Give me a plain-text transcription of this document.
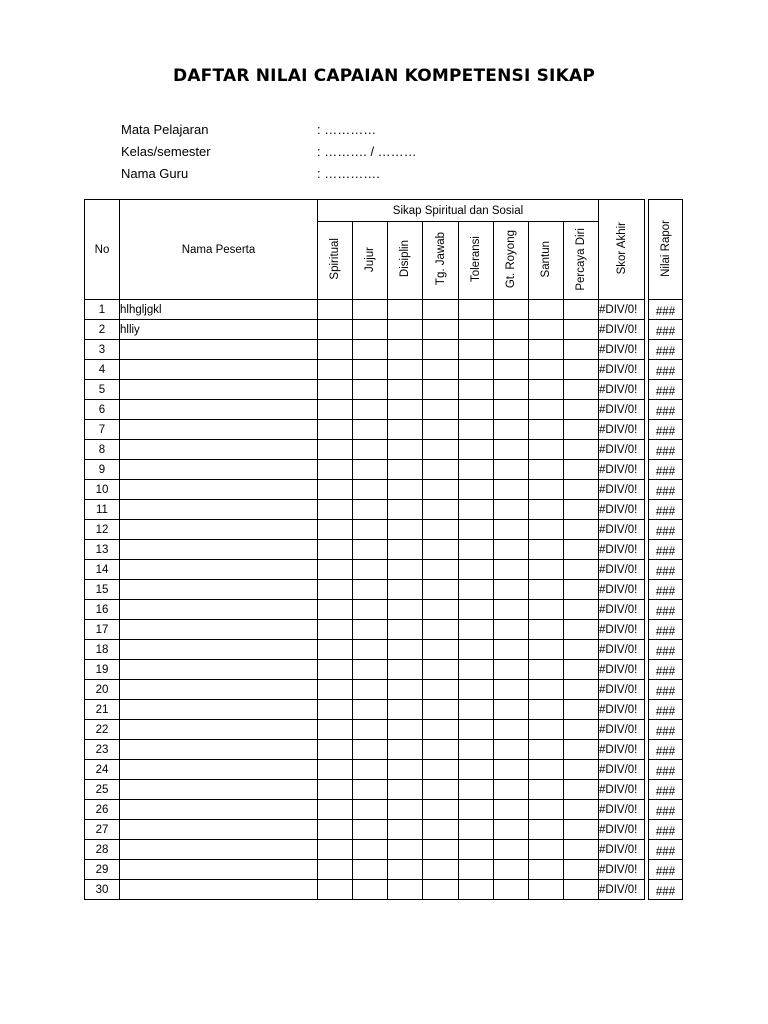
DAFTAR NILAI CAPAIAN KOMPETENSI SIKAP
Mata Pelajaran	: …………
Kelas/semester	: ………. / ………
Nama Guru	: ………….
No	Nama Peserta	Sikap Spiritual dan Sosial								Skor Akhir		Nilai Rapor
		Spiritual	Jujur	Disiplin	Tg. Jawab	Toleransi	Gt. Royong	Santun	Percaya Diri			
1	hlhgljgkl									#DIV/0!		###
2	hlliy									#DIV/0!		###
3										#DIV/0!		###
4										#DIV/0!		###
5										#DIV/0!		###
6										#DIV/0!		###
7										#DIV/0!		###
8										#DIV/0!		###
9										#DIV/0!		###
10										#DIV/0!		###
11										#DIV/0!		###
12										#DIV/0!		###
13										#DIV/0!		###
14										#DIV/0!		###
15										#DIV/0!		###
16										#DIV/0!		###
17										#DIV/0!		###
18										#DIV/0!		###
19										#DIV/0!		###
20										#DIV/0!		###
21										#DIV/0!		###
22										#DIV/0!		###
23										#DIV/0!		###
24										#DIV/0!		###
25										#DIV/0!		###
26										#DIV/0!		###
27										#DIV/0!		###
28										#DIV/0!		###
29										#DIV/0!		###
30										#DIV/0!		###
